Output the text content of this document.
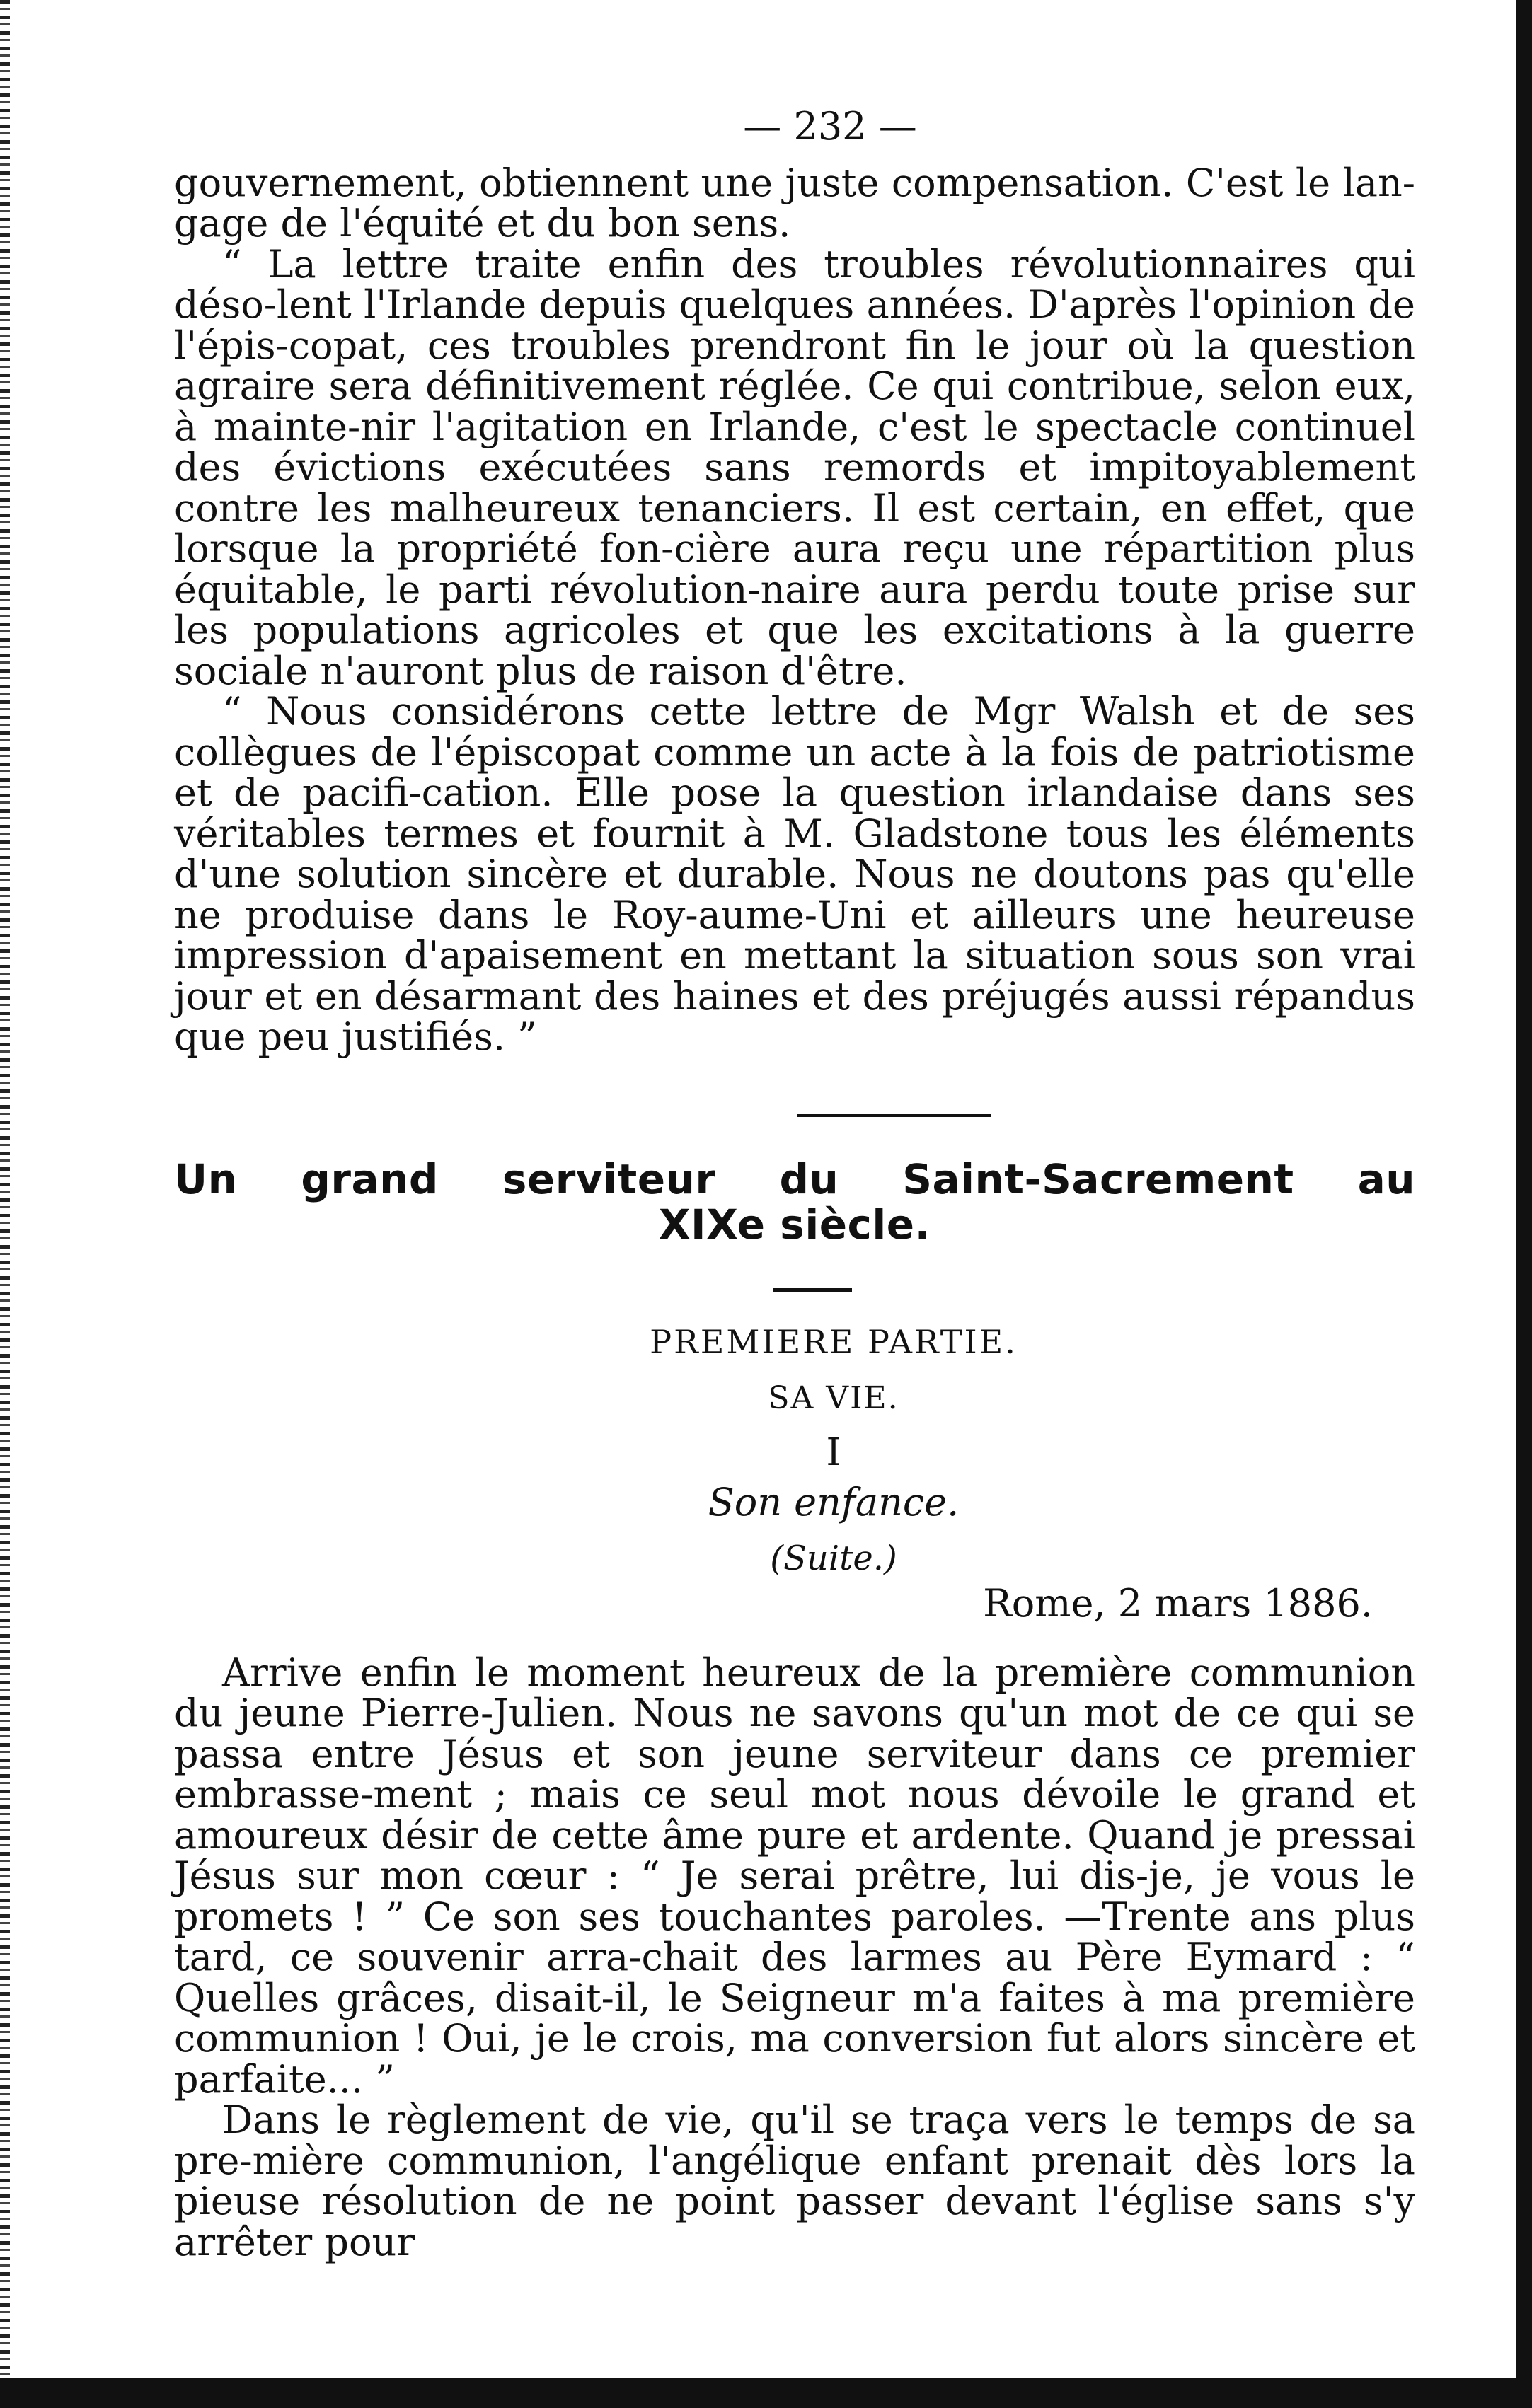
— 232 —

gouvernement, obtiennent une juste compensation. C'est le lan-gage de l'équité et du bon sens.

“ La lettre traite enfin des troubles révolutionnaires qui déso-lent l'Irlande depuis quelques années. D'après l'opinion de l'épis-copat, ces troubles prendront fin le jour où la question agraire sera définitivement réglée. Ce qui contribue, selon eux, à mainte-nir l'agitation en Irlande, c'est le spectacle continuel des évictions exécutées sans remords et impitoyablement contre les malheureux tenanciers. Il est certain, en effet, que lorsque la propriété fon-cière aura reçu une répartition plus équitable, le parti révolution-naire aura perdu toute prise sur les populations agricoles et que les excitations à la guerre sociale n'auront plus de raison d'être.

“ Nous considérons cette lettre de Mgr Walsh et de ses collègues de l'épiscopat comme un acte à la fois de patriotisme et de pacifi-cation. Elle pose la question irlandaise dans ses véritables termes et fournit à M. Gladstone tous les éléments d'une solution sincère et durable. Nous ne doutons pas qu'elle ne produise dans le Roy-aume-Uni et ailleurs une heureuse impression d'apaisement en mettant la situation sous son vrai jour et en désarmant des haines et des préjugés aussi répandus que peu justifiés. ”

Un grand serviteur du Saint-Sacrement au
XIXe siècle.
PREMIERE PARTIE.
SA VIE.
I
Son enfance.
(Suite.)
Rome, 2 mars 1886.

Arrive enfin le moment heureux de la première communion du jeune Pierre-Julien. Nous ne savons qu'un mot de ce qui se passa entre Jésus et son jeune serviteur dans ce premier embrasse-ment ; mais ce seul mot nous dévoile le grand et amoureux désir de cette âme pure et ardente. Quand je pressai Jésus sur mon cœur : “ Je serai prêtre, lui dis-je, je vous le promets ! ” Ce son ses touchantes paroles. —Trente ans plus tard, ce souvenir arra-chait des larmes au Père Eymard : “ Quelles grâces, disait-il, le Seigneur m'a faites à ma première communion ! Oui, je le crois, ma conversion fut alors sincère et parfaite... ”

Dans le règlement de vie, qu'il se traça vers le temps de sa pre-mière communion, l'angélique enfant prenait dès lors la pieuse résolution de ne point passer devant l'église sans s'y arrêter pour
